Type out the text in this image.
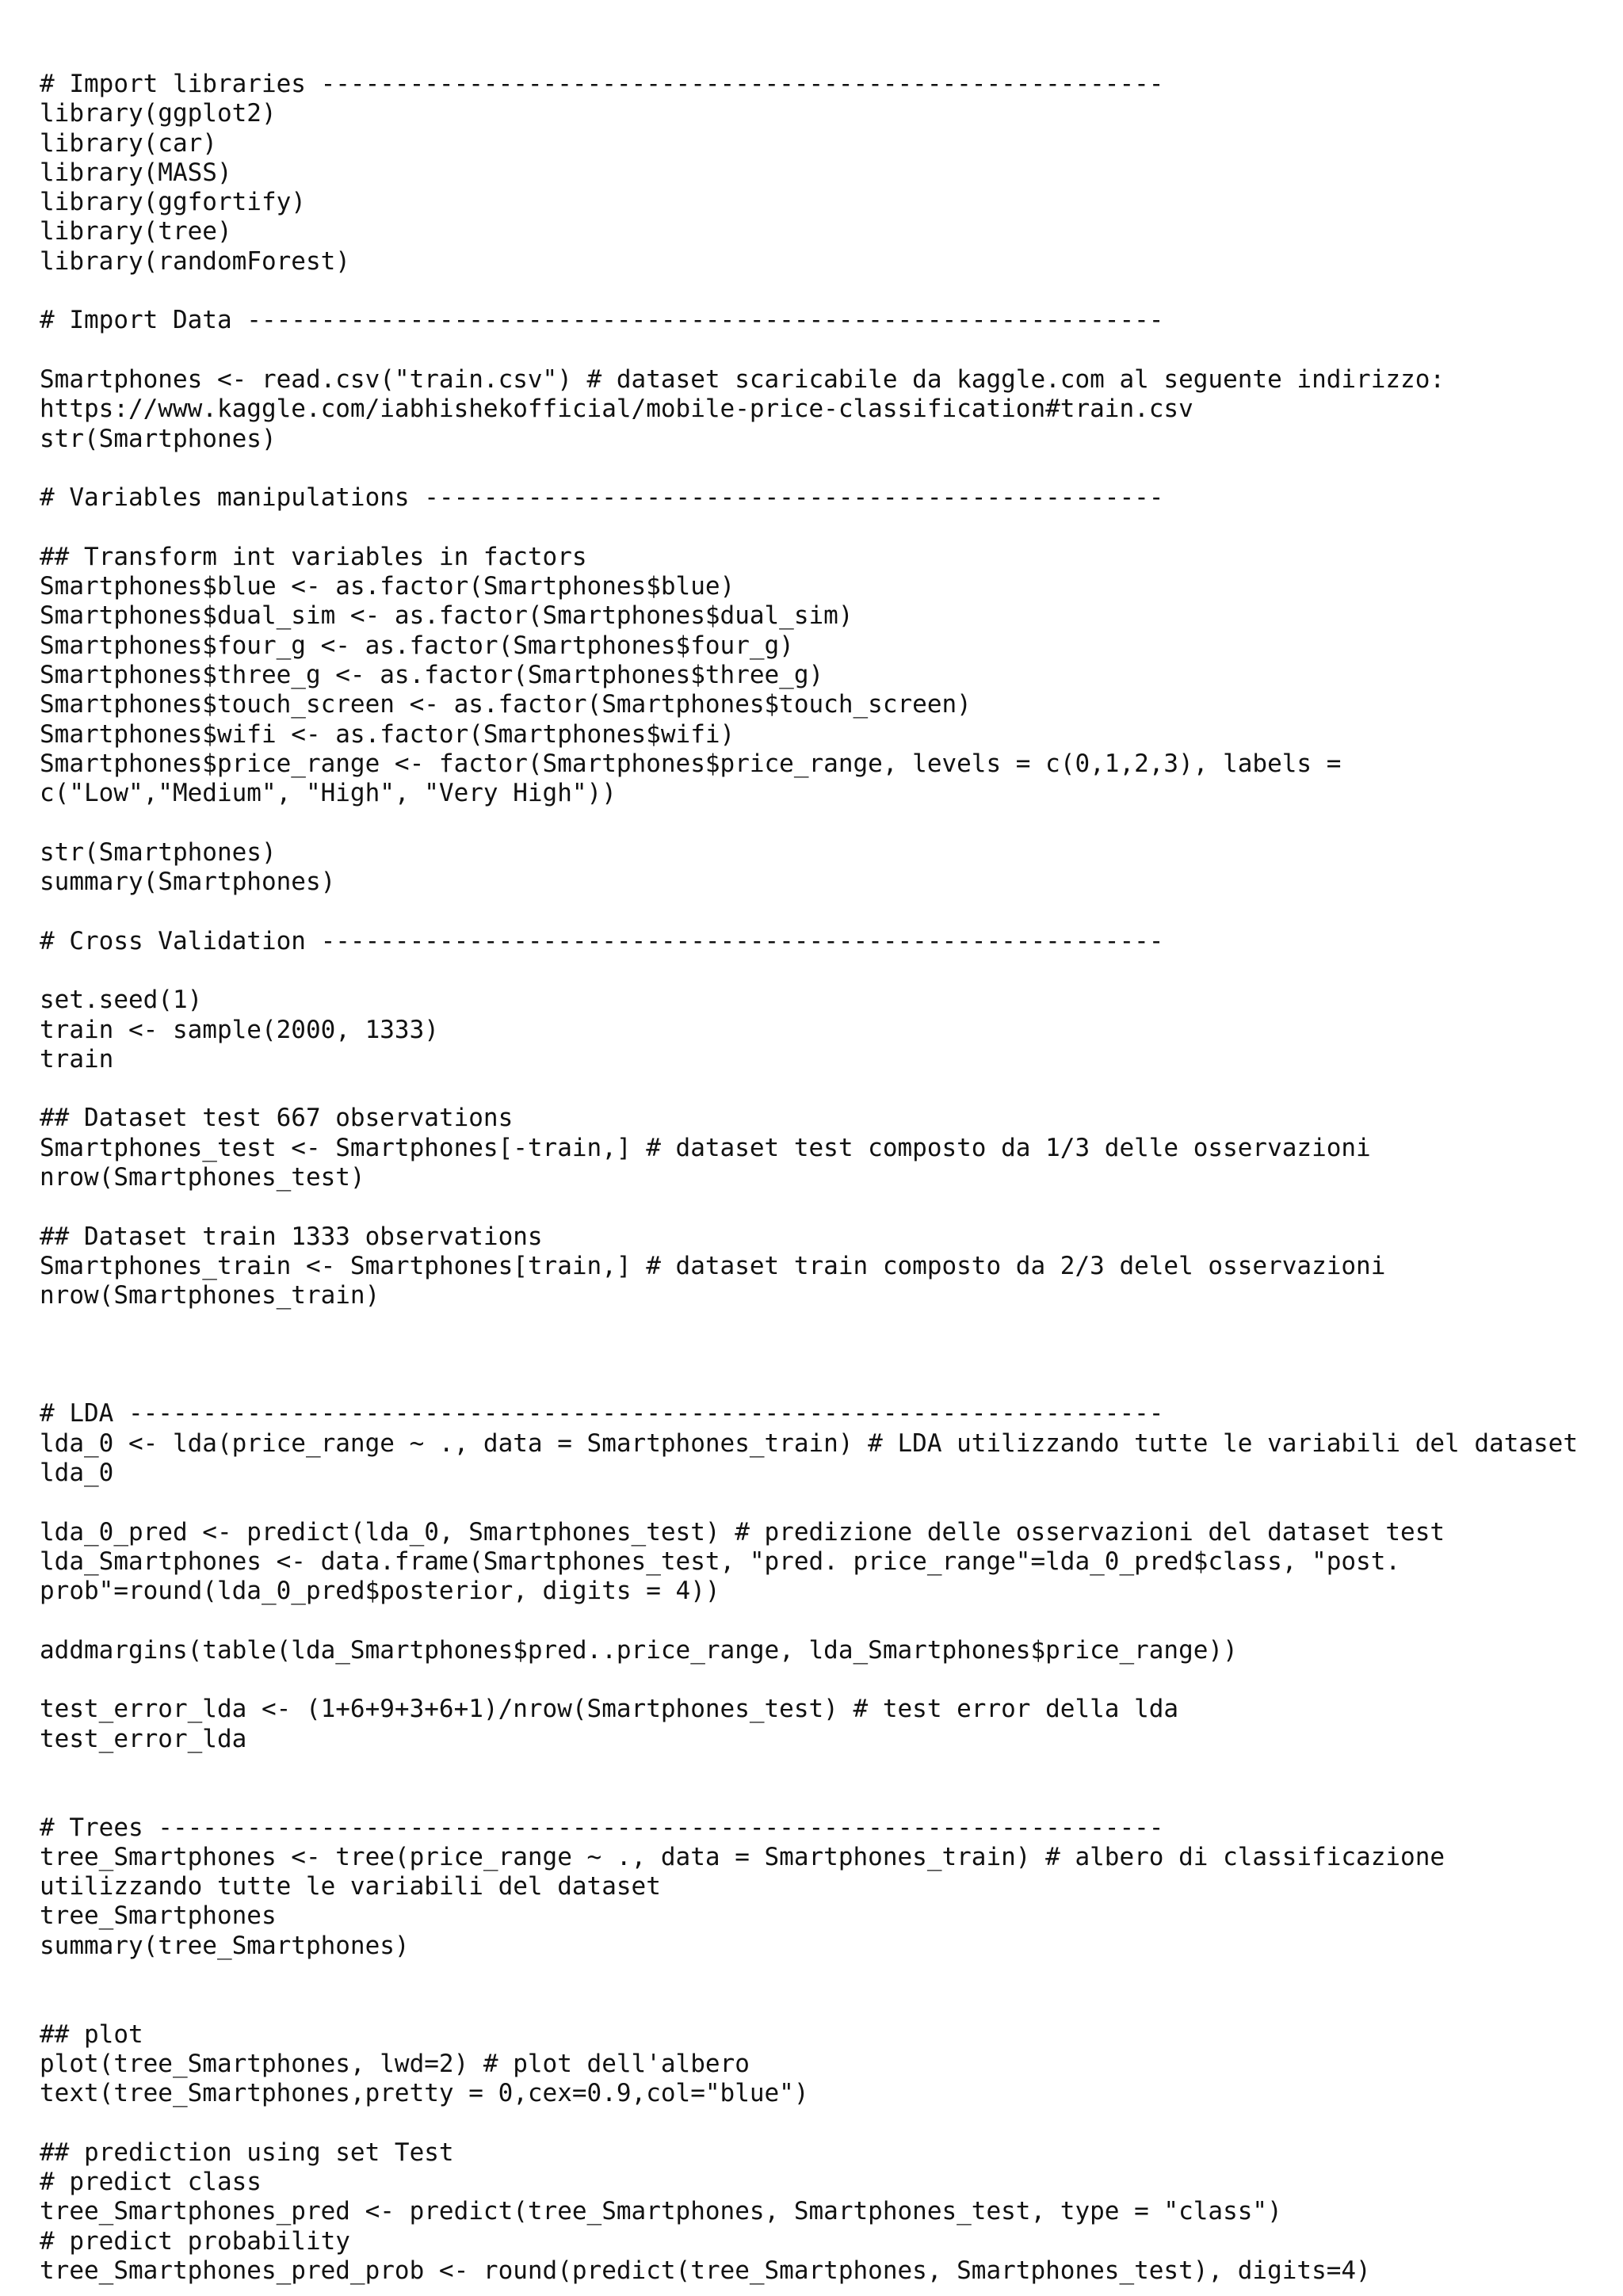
# Import libraries ---------------------------------------------------------
library(ggplot2)
library(car)
library(MASS)
library(ggfortify)
library(tree)
library(randomForest)
# Import Data --------------------------------------------------------------
Smartphones <- read.csv("train.csv") # dataset scaricabile da kaggle.com al seguente indirizzo:
https://www.kaggle.com/iabhishekofficial/mobile-price-classification#train.csv
str(Smartphones)
# Variables manipulations --------------------------------------------------
## Transform int variables in factors
Smartphones$blue <- as.factor(Smartphones$blue)
Smartphones$dual_sim <- as.factor(Smartphones$dual_sim)
Smartphones$four_g <- as.factor(Smartphones$four_g)
Smartphones$three_g <- as.factor(Smartphones$three_g)
Smartphones$touch_screen <- as.factor(Smartphones$touch_screen)
Smartphones$wifi <- as.factor(Smartphones$wifi)
Smartphones$price_range <- factor(Smartphones$price_range, levels = c(0,1,2,3), labels =
c("Low","Medium", "High", "Very High"))
str(Smartphones)
summary(Smartphones)
# Cross Validation ---------------------------------------------------------
set.seed(1)
train <- sample(2000, 1333)
train
## Dataset test 667 observations
Smartphones_test <- Smartphones[-train,] # dataset test composto da 1/3 delle osservazioni
nrow(Smartphones_test)
## Dataset train 1333 observations
Smartphones_train <- Smartphones[train,] # dataset train composto da 2/3 delel osservazioni
nrow(Smartphones_train)
# LDA ----------------------------------------------------------------------
lda_0 <- lda(price_range ~ ., data = Smartphones_train) # LDA utilizzando tutte le variabili del dataset
lda_0
lda_0_pred <- predict(lda_0, Smartphones_test) # predizione delle osservazioni del dataset test
lda_Smartphones <- data.frame(Smartphones_test, "pred. price_range"=lda_0_pred$class, "post.
prob"=round(lda_0_pred$posterior, digits = 4))
addmargins(table(lda_Smartphones$pred..price_range, lda_Smartphones$price_range))
test_error_lda <- (1+6+9+3+6+1)/nrow(Smartphones_test) # test error della lda
test_error_lda
# Trees --------------------------------------------------------------------
tree_Smartphones <- tree(price_range ~ ., data = Smartphones_train) # albero di classificazione
utilizzando tutte le variabili del dataset
tree_Smartphones
summary(tree_Smartphones)
## plot
plot(tree_Smartphones, lwd=2) # plot dell'albero
text(tree_Smartphones,pretty = 0,cex=0.9,col="blue")
## prediction using set Test
# predict class
tree_Smartphones_pred <- predict(tree_Smartphones, Smartphones_test, type = "class")
# predict probability
tree_Smartphones_pred_prob <- round(predict(tree_Smartphones, Smartphones_test), digits=4)
